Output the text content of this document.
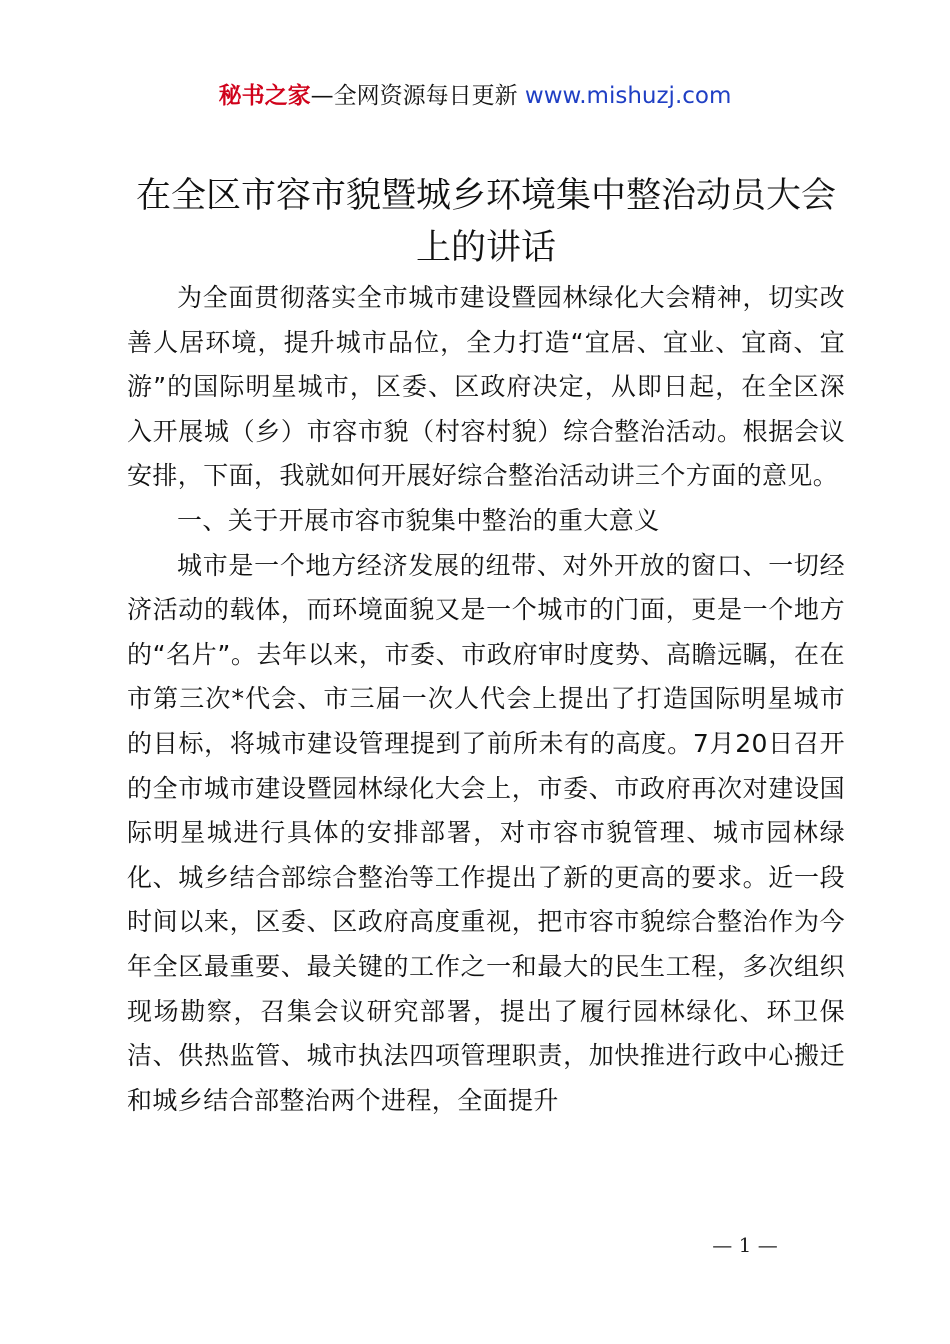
秘书之家—全网资源每日更新 www.mishuzj.com
在全区市容市貌暨城乡环境集中整治动员大会上的讲话

为全面贯彻落实全市城市建设暨园林绿化大会精神，切实改善人居环境，提升城市品位，全力打造“宜居、宜业、宜商、宜游”的国际明星城市，区委、区政府决定，从即日起，在全区深入开展城（乡）市容市貌（村容村貌）综合整治活动。根据会议安排，下面，我就如何开展好综合整治活动讲三个方面的意见。

一、关于开展市容市貌集中整治的重大意义

城市是一个地方经济发展的纽带、对外开放的窗口、一切经济活动的载体，而环境面貌又是一个城市的门面，更是一个地方的“名片”。去年以来，市委、市政府审时度势、高瞻远瞩，在在市第三次*代会、市三届一次人代会上提出了打造国际明星城市的目标，将城市建设管理提到了前所未有的高度。7月20日召开的全市城市建设暨园林绿化大会上，市委、市政府再次对建设国际明星城进行具体的安排部署，对市容市貌管理、城市园林绿化、城乡结合部综合整治等工作提出了新的更高的要求。近一段时间以来，区委、区政府高度重视，把市容市貌综合整治作为今年全区最重要、最关键的工作之一和最大的民生工程，多次组织现场勘察，召集会议研究部署，提出了履行园林绿化、环卫保洁、供热监管、城市执法四项管理职责，加快推进行政中心搬迁和城乡结合部整治两个进程，全面提升

— 1 —
